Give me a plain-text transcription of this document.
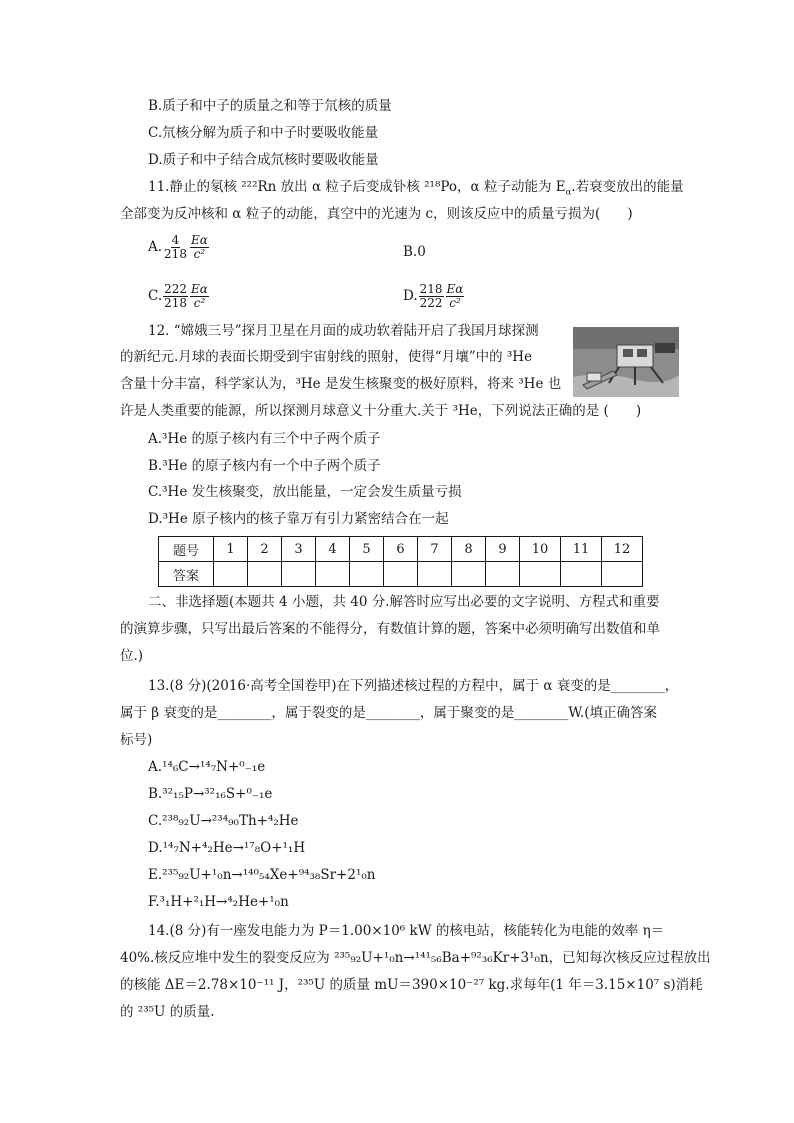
B.质子和中子的质量之和等于氘核的质量
C.氘核分解为质子和中子时要吸收能量
D.质子和中子结合成氘核时要吸收能量
11.静止的氡核 ²²²Rn 放出 α 粒子后变成钋核 ²¹⁸Po，α 粒子动能为 $E_\alpha$.若衰变放出的能量
全部变为反冲核和 α 粒子的动能，真空中的光速为 c，则该反应中的质量亏损为(　　)
A. $\frac{4}{218} \frac{E\alpha}{\text{c²}}$	B.0
C. $\frac{222}{218} \frac{E\alpha}{\text{c²}}$	D. $\frac{218}{222} \frac{E\alpha}{\text{c²}}$
12. “嫦娥三号”探月卫星在月面的成功软着陆开启了我国月球探测
的新纪元.月球的表面长期受到宇宙射线的照射，使得“月壤”中的 ³He
含量十分丰富，科学家认为，³He 是发生核聚变的极好原料，将来 ³He 也
许是人类重要的能源，所以探测月球意义十分重大.关于 ³He，下列说法正确的是 (　　)
A.³He 的原子核内有三个中子两个质子
B.³He 的原子核内有一个中子两个质子
C.³He 发生核聚变，放出能量，一定会发生质量亏损
D.³He 原子核内的核子靠万有引力紧密结合在一起
题号	1	2	3	4	5	6	7	8	9	10	11	12
答案												
二、非选择题(本题共 4 小题，共 40 分.解答时应写出必要的文字说明、方程式和重要
的演算步骤，只写出最后答案的不能得分，有数值计算的题，答案中必须明确写出数值和单
位.)
13.(8 分)(2016·高考全国卷甲)在下列描述核过程的方程中，属于 α 衰变的是________，
属于 β 衰变的是________，属于裂变的是________，属于聚变的是________W.(填正确答案
标号)
A.¹⁴₆C→¹⁴₇N+⁰₋₁e
B.³²₁₅P→³²₁₆S+⁰₋₁e
C.²³⁸₉₂U→²³⁴₉₀Th+⁴₂He
D.¹⁴₇N+⁴₂He→¹⁷₈O+¹₁H
E.²³⁵₉₂U+¹₀n→¹⁴⁰₅₄Xe+⁹⁴₃₈Sr+2¹₀n
F.³₁H+²₁H→⁴₂He+¹₀n
14.(8 分)有一座发电能力为 P＝1.00×10⁶ kW 的核电站，核能转化为电能的效率 η＝
40%.核反应堆中发生的裂变反应为 ²³⁵₉₂U+¹₀n→¹⁴¹₅₆Ba+⁹²₃₆Kr+3¹₀n，已知每次核反应过程放出
的核能 ΔE＝2.78×10⁻¹¹ J，²³⁵U 的质量 mU＝390×10⁻²⁷ kg.求每年(1 年＝3.15×10⁷ s)消耗
的 ²³⁵U 的质量.
